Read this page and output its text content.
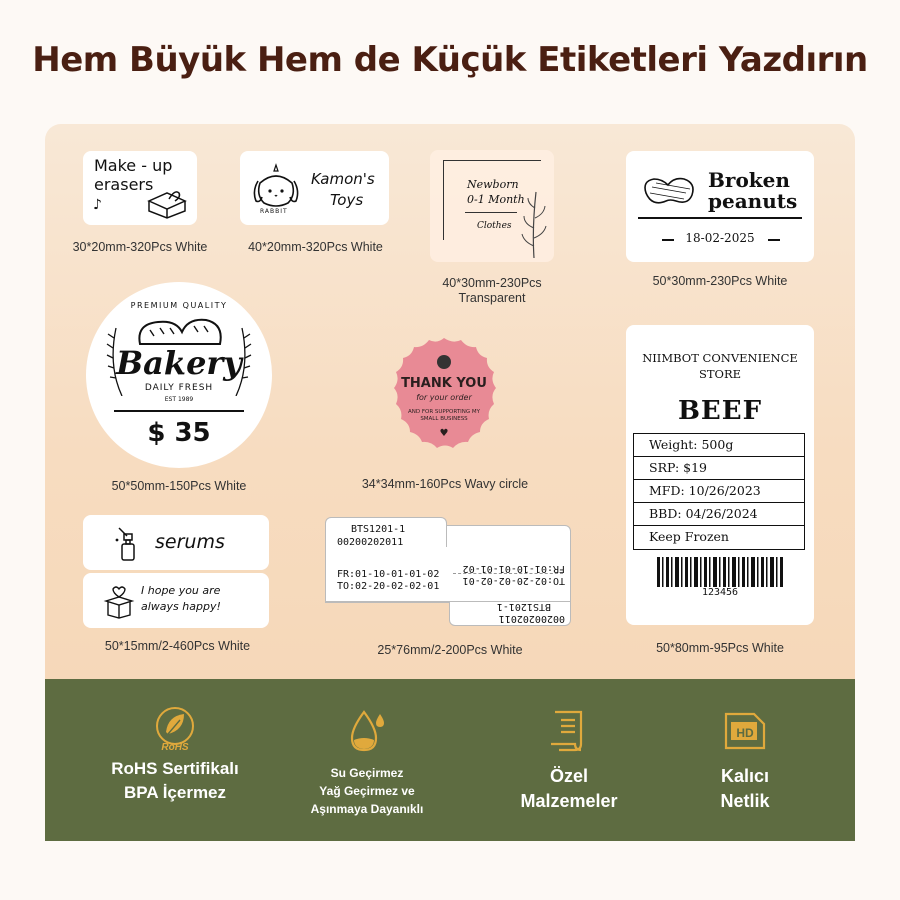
Hem Büyük Hem de Küçük Etiketleri Yazdırın
Make - up
erasers
♪
30*20mm-320Pcs White
RABBIT
Kamon's
Toys
40*20mm-320Pcs White
Newborn
0-1 Month
Clothes
40*30mm-230Pcs
Transparent
Broken
peanuts
18-02-2025
50*30mm-230Pcs White
PREMIUM QUALITY
Bakery
DAILY FRESH
EST 1989
$ 35
50*50mm-150Pcs White
THANK YOU
for your order
AND FOR SUPPORTING MY
SMALL BUSINESS
♥
34*34mm-160Pcs Wavy circle
NIIMBOT CONVENIENCE
STORE
BEEF
Weight: 500g
SRP: $19
MFD: 10/26/2023
BBD: 04/26/2024
Keep Frozen
123456
50*80mm-95Pcs White
serums
I hope you are
always happy!
50*15mm/2-460Pcs White
BTS1201-1
00200202011
FR:01-10-01-01-02
TO:02-20-02-02-01
FR:01-10-01-01-02
TO:02-20-02-02-01
BTS1201-1
00200202011
25*76mm/2-200Pcs White
RoHS
RoHS Sertifikalı
BPA İçermez
Su Geçirmez
Yağ Geçirmez ve
Aşınmaya Dayanıklı
Özel
Malzemeler
HD
Kalıcı
Netlik
